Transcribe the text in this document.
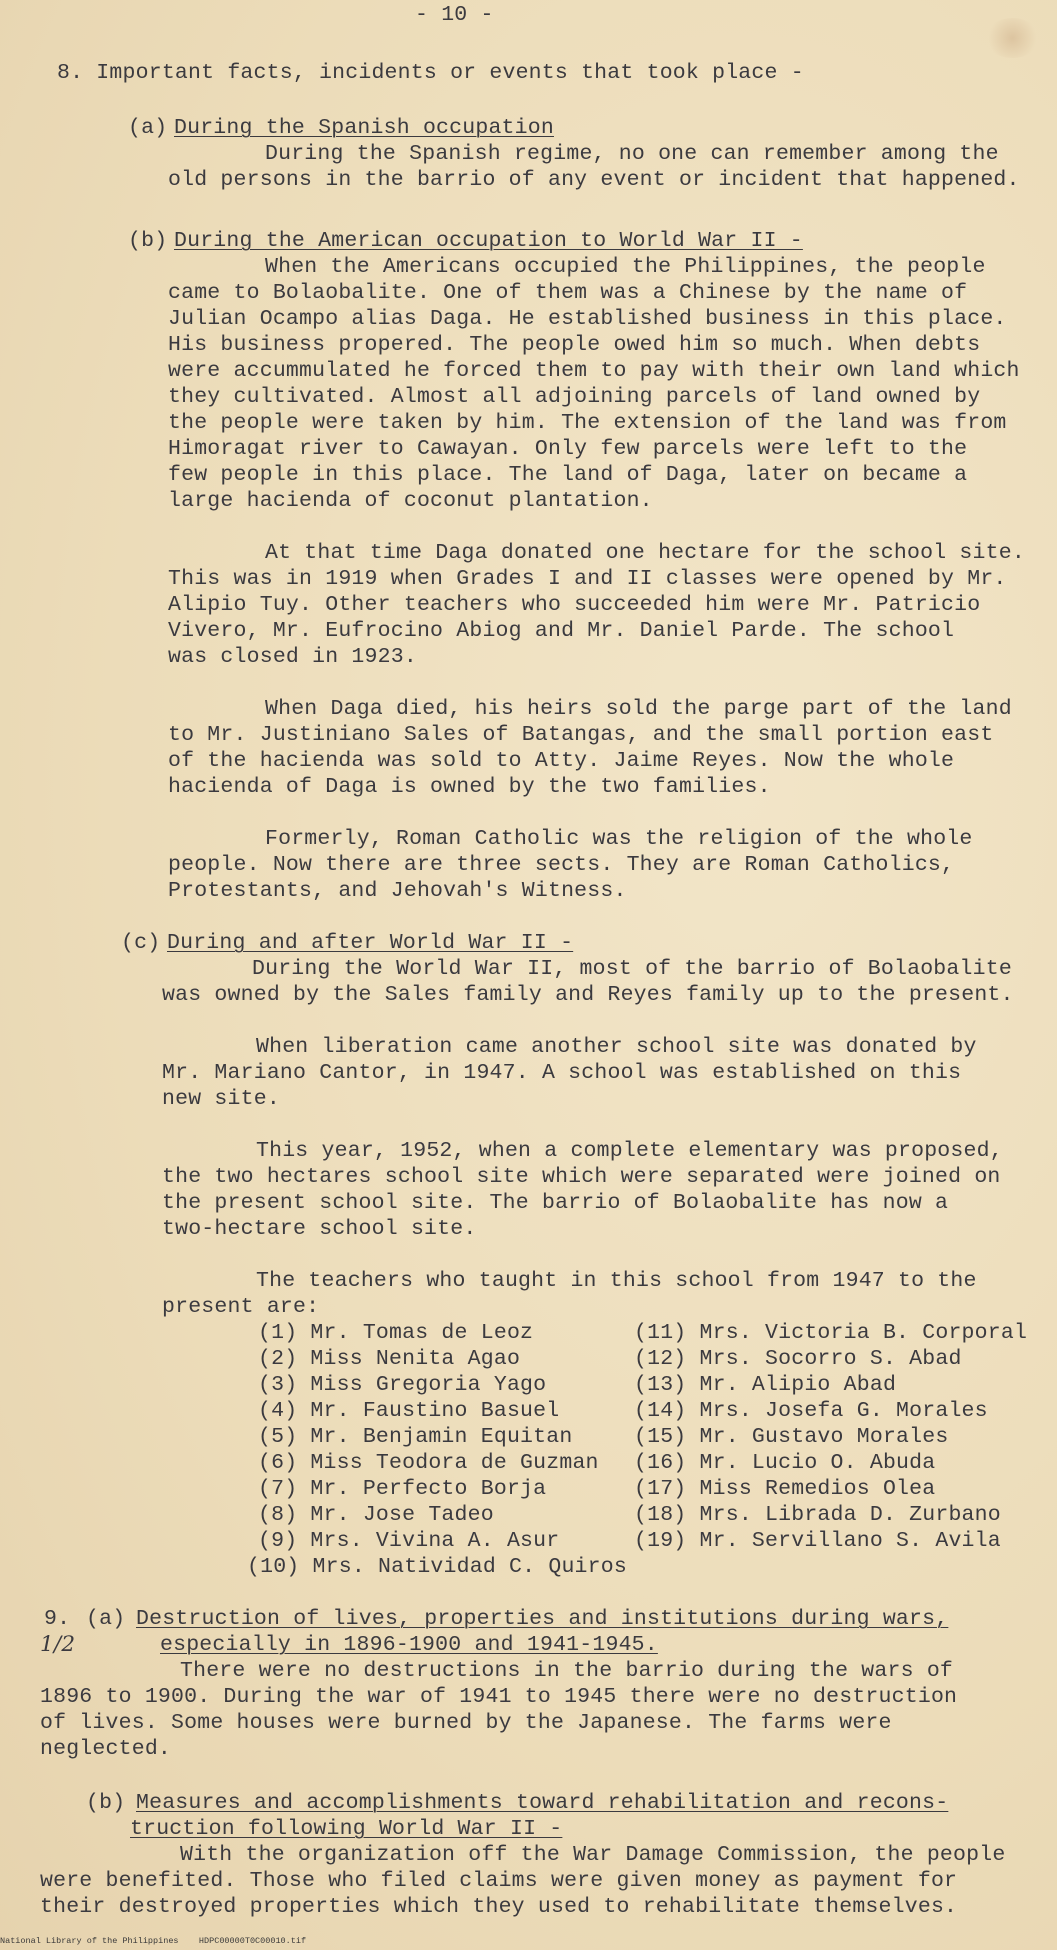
- 10 -
8. Important facts, incidents or events that took place -
(a) During the Spanish occupation
During the Spanish regime, no one can remember among the
old persons in the barrio of any event or incident that happened.
(b) During the American occupation to World War II -
When the Americans occupied the Philippines, the people
came to Bolaobalite. One of them was a Chinese by the name of
Julian Ocampo alias Daga. He established business in this place.
His business propered. The people owed him so much. When debts
were accummulated he forced them to pay with their own land which
they cultivated. Almost all adjoining parcels of land owned by
the people were taken by him. The extension of the land was from
Himoragat river to Cawayan. Only few parcels were left to the
few people in this place. The land of Daga, later on became a
large hacienda of coconut plantation.
At that time Daga donated one hectare for the school site.
This was in 1919 when Grades I and II classes were opened by Mr.
Alipio Tuy. Other teachers who succeeded him were Mr. Patricio
Vivero, Mr. Eufrocino Abiog and Mr. Daniel Parde. The school
was closed in 1923.
When Daga died, his heirs sold the parge part of the land
to Mr. Justiniano Sales of Batangas, and the small portion east
of the hacienda was sold to Atty. Jaime Reyes. Now the whole
hacienda of Daga is owned by the two families.
Formerly, Roman Catholic was the religion of the whole
people. Now there are three sects. They are Roman Catholics,
Protestants, and Jehovah's Witness.
(c) During and after World War II -
During the World War II, most of the barrio of Bolaobalite
was owned by the Sales family and Reyes family up to the present.
When liberation came another school site was donated by
Mr. Mariano Cantor, in 1947. A school was established on this
new site.
This year, 1952, when a complete elementary was proposed,
the two hectares school site which were separated were joined on
the present school site. The barrio of Bolaobalite has now a
two-hectare school site.
The teachers who taught in this school from 1947 to the
present are:
(1) Mr. Tomas de Leoz
(2) Miss Nenita Agao
(3) Miss Gregoria Yago
(4) Mr. Faustino Basuel
(5) Mr. Benjamin Equitan
(6) Miss Teodora de Guzman
(7) Mr. Perfecto Borja
(8) Mr. Jose Tadeo
(9) Mrs. Vivina A. Asur
(10) Mrs. Natividad C. Quiros
(11) Mrs. Victoria B. Corporal
(12) Mrs. Socorro S. Abad
(13) Mr. Alipio Abad
(14) Mrs. Josefa G. Morales
(15) Mr. Gustavo Morales
(16) Mr. Lucio O. Abuda
(17) Miss Remedios Olea
(18) Mrs. Librada D. Zurbano
(19) Mr. Servillano S. Avila
9. (a) Destruction of lives, properties and institutions during wars,
1/2	especially in 1896-1900 and 1941-1945.
There were no destructions in the barrio during the wars of
1896 to 1900. During the war of 1941 to 1945 there were no destruction
of lives. Some houses were burned by the Japanese. The farms were
neglected.
(b) Measures and accomplishments toward rehabilitation and recons-
truction following World War II -
With the organization off the War Damage Commission, the people
were benefited. Those who filed claims were given money as payment for
their destroyed properties which they used to rehabilitate themselves.
National Library of the Philippines    HDPC00000T0C00010.tif
